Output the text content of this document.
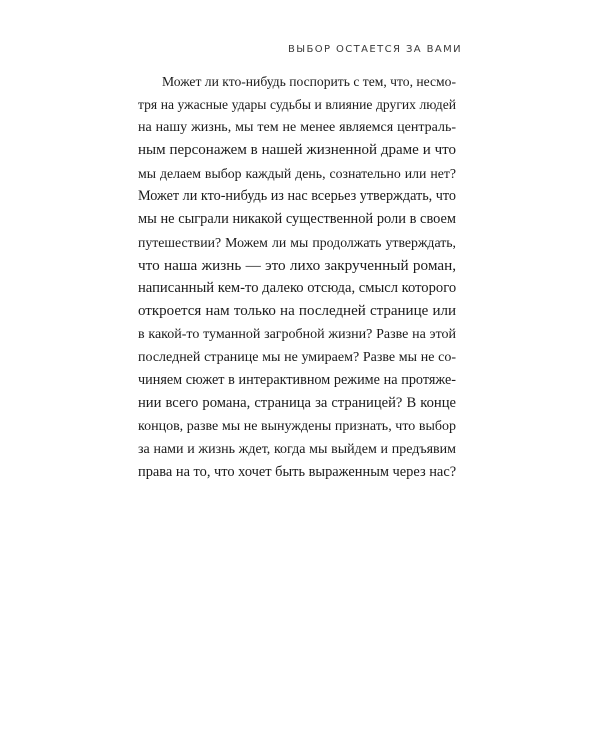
ВЫБОР ОСТАЕТСЯ ЗА ВАМИ
Может ли кто-нибудь поспорить с тем, что, несмо-
тря на ужасные удары судьбы и влияние других людей
на нашу жизнь, мы тем не менее являемся централь-
ным персонажем в нашей жизненной драме и что
мы делаем выбор каждый день, сознательно или нет?
Может ли кто-нибудь из нас всерьез утверждать, что
мы не сыграли никакой существенной роли в своем
путешествии? Можем ли мы продолжать утверждать,
что наша жизнь — это лихо закрученный роман,
написанный кем-то далеко отсюда, смысл которого
откроется нам только на последней странице или
в какой-то туманной загробной жизни? Разве на этой
последней странице мы не умираем? Разве мы не со-
чиняем сюжет в интерактивном режиме на протяже-
нии всего романа, страница за страницей? В конце
концов, разве мы не вынуждены признать, что выбор
за нами и жизнь ждет, когда мы выйдем и предъявим
права на то, что хочет быть выраженным через нас?
